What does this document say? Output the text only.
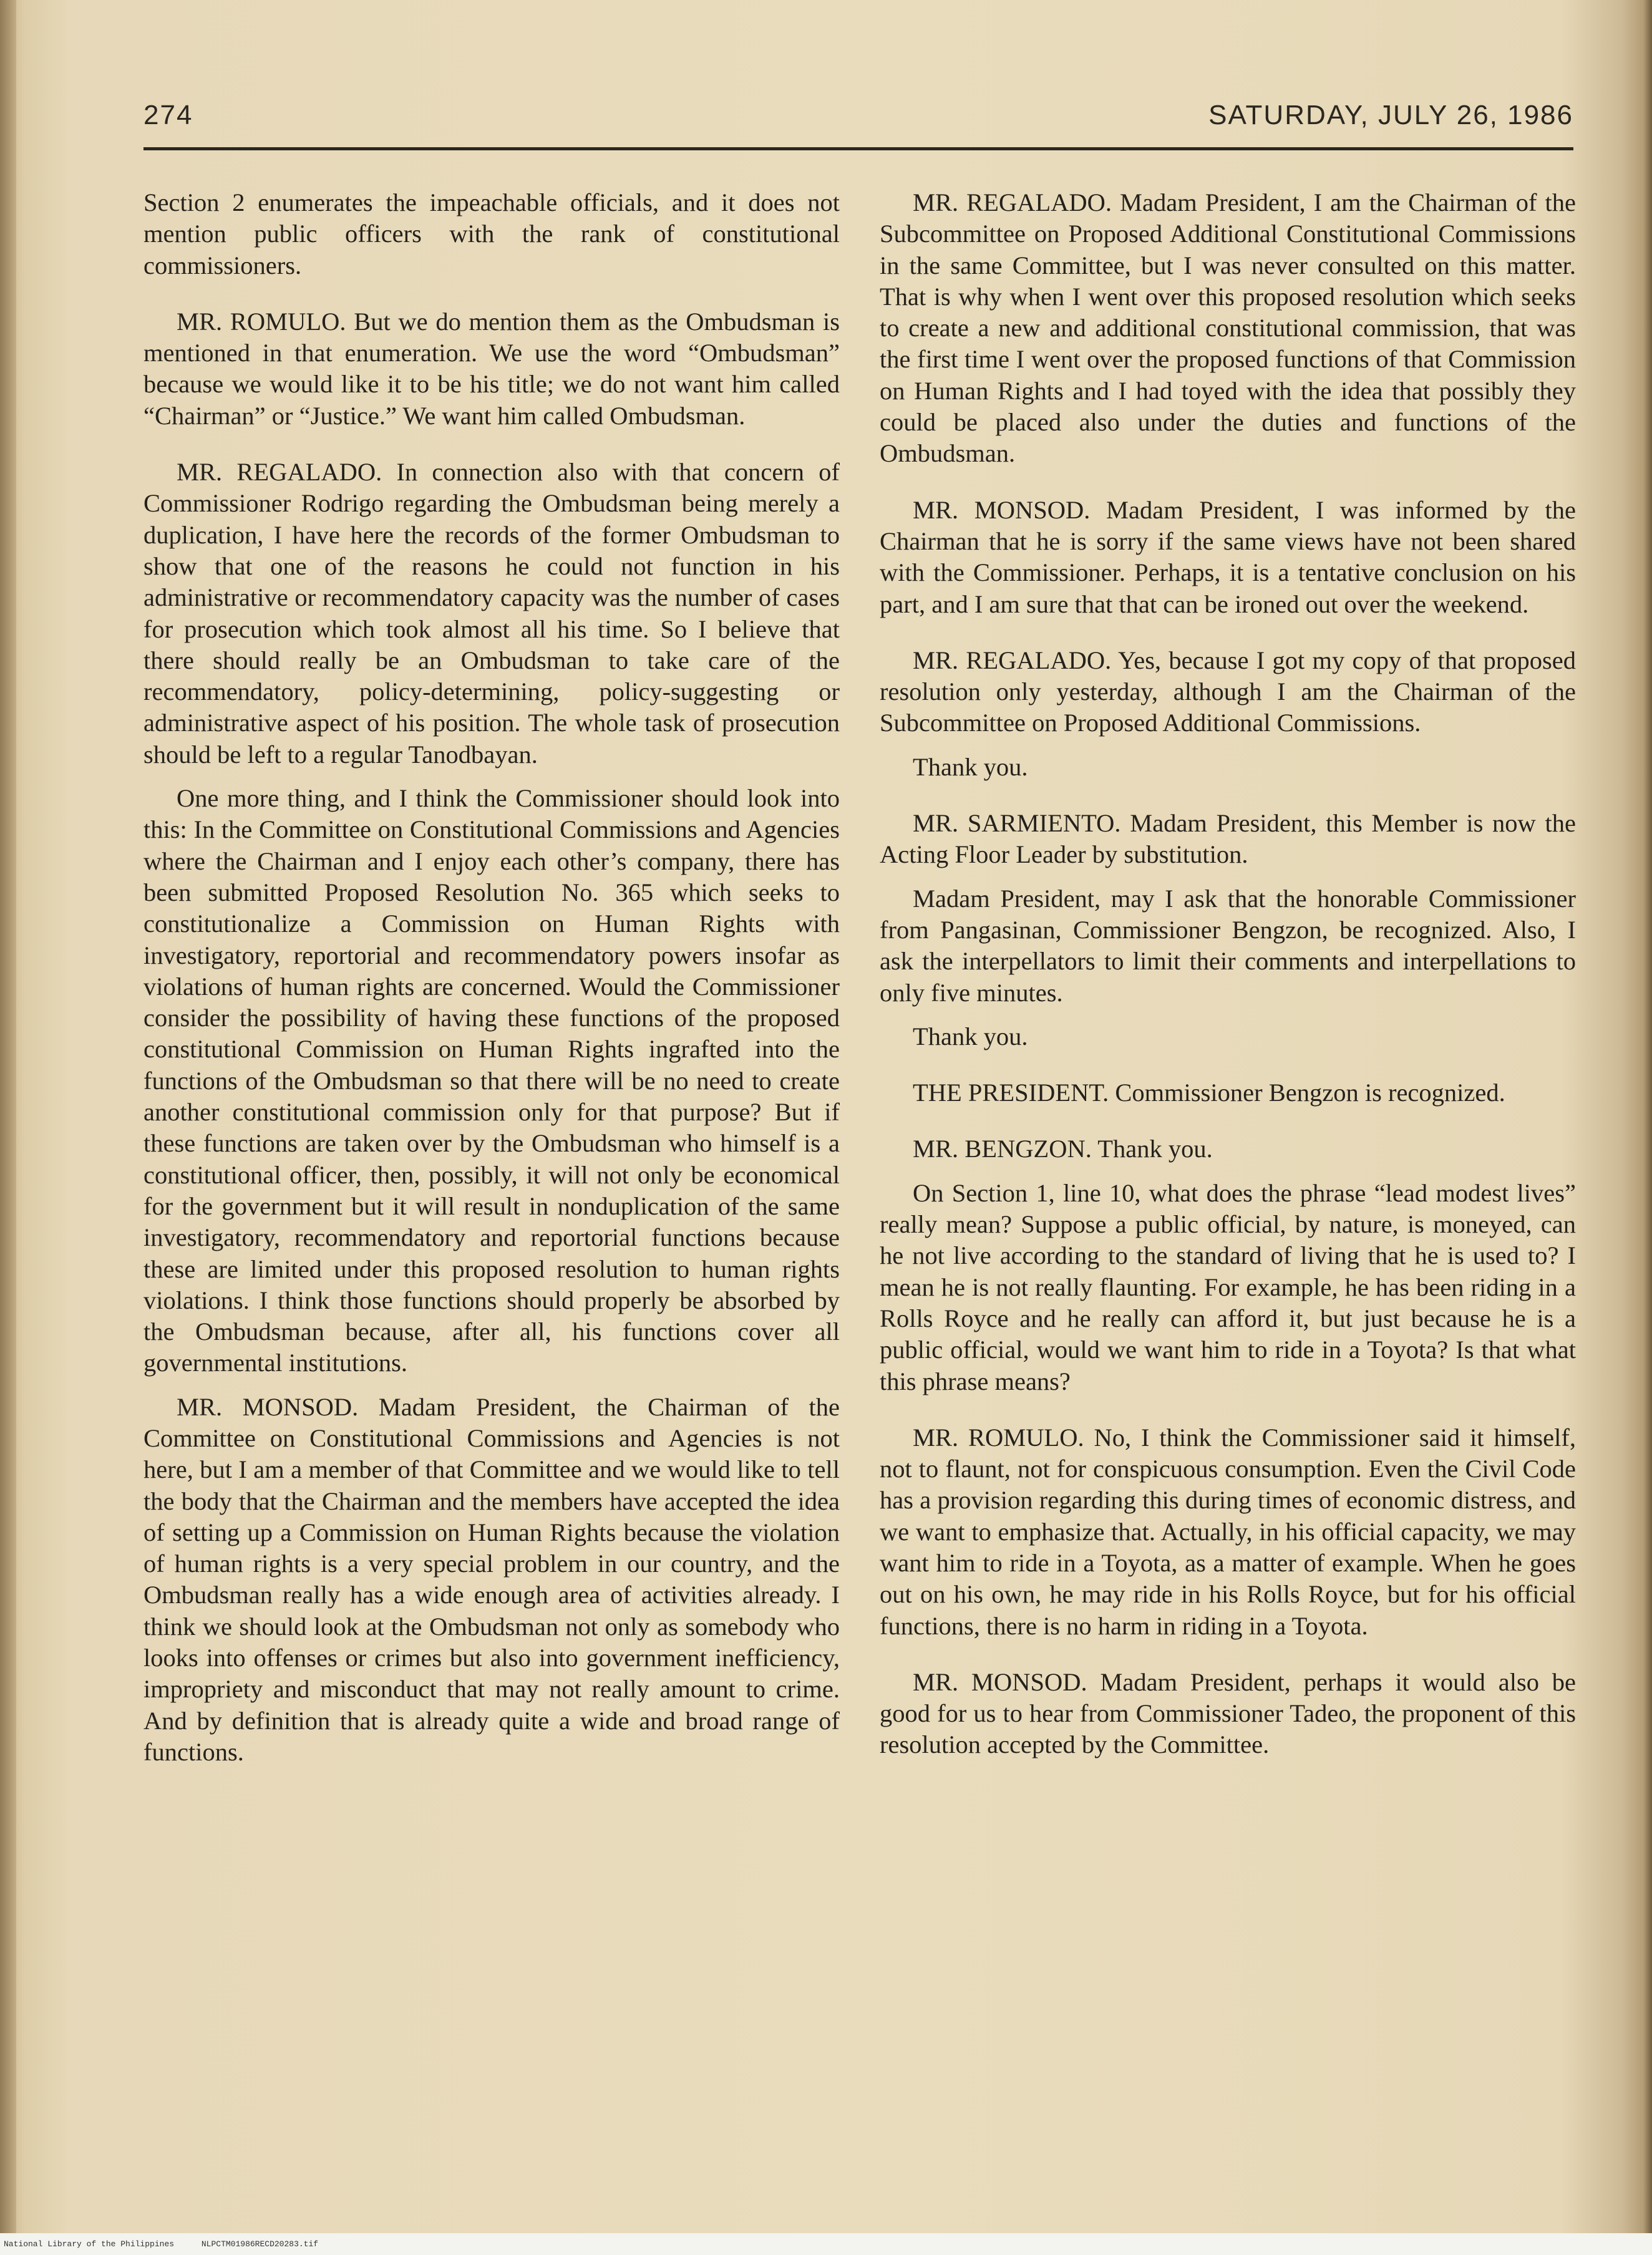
274	SATURDAY, JULY 26, 1986

Section 2 enumerates the impeachable officials, and it does not mention public officers with the rank of constitutional commissioners.

MR. ROMULO. But we do mention them as the Ombudsman is mentioned in that enumeration. We use the word “Ombudsman” because we would like it to be his title; we do not want him called “Chairman” or “Justice.” We want him called Ombudsman.

MR. REGALADO. In connection also with that concern of Commissioner Rodrigo regarding the Ombudsman being merely a duplication, I have here the records of the former Ombudsman to show that one of the reasons he could not function in his administrative or recommendatory capacity was the number of cases for prosecution which took almost all his time. So I believe that there should really be an Ombudsman to take care of the recommendatory, policy-determining, policy-suggesting or administrative aspect of his position. The whole task of prosecution should be left to a regular Tanodbayan.

One more thing, and I think the Commissioner should look into this: In the Committee on Constitutional Commissions and Agencies where the Chairman and I enjoy each other’s company, there has been submitted Proposed Resolution No. 365 which seeks to constitutionalize a Commission on Human Rights with investigatory, reportorial and recommendatory powers insofar as violations of human rights are concerned. Would the Commissioner consider the possibility of having these functions of the proposed constitutional Commission on Human Rights ingrafted into the functions of the Ombudsman so that there will be no need to create another constitutional commission only for that purpose? But if these functions are taken over by the Ombudsman who himself is a constitutional officer, then, possibly, it will not only be economical for the government but it will result in nonduplication of the same investigatory, recommendatory and reportorial functions because these are limited under this proposed resolution to human rights violations. I think those functions should properly be absorbed by the Ombudsman because, after all, his functions cover all governmental institutions.

MR. MONSOD. Madam President, the Chairman of the Committee on Constitutional Commissions and Agencies is not here, but I am a member of that Committee and we would like to tell the body that the Chairman and the members have accepted the idea of setting up a Commission on Human Rights because the violation of human rights is a very special problem in our country, and the Ombudsman really has a wide enough area of activities already. I think we should look at the Ombudsman not only as somebody who looks into offenses or crimes but also into government inefficiency, impropriety and misconduct that may not really amount to crime. And by definition that is already quite a wide and broad range of functions.

MR. REGALADO. Madam President, I am the Chairman of the Subcommittee on Proposed Additional Constitutional Commissions in the same Committee, but I was never consulted on this matter. That is why when I went over this proposed resolution which seeks to create a new and additional constitutional commission, that was the first time I went over the proposed functions of that Commission on Human Rights and I had toyed with the idea that possibly they could be placed also under the duties and functions of the Ombudsman.

MR. MONSOD. Madam President, I was informed by the Chairman that he is sorry if the same views have not been shared with the Commissioner. Perhaps, it is a tentative conclusion on his part, and I am sure that that can be ironed out over the weekend.

MR. REGALADO. Yes, because I got my copy of that proposed resolution only yesterday, although I am the Chairman of the Subcommittee on Proposed Additional Commissions.

Thank you.

MR. SARMIENTO. Madam President, this Member is now the Acting Floor Leader by substitution.

Madam President, may I ask that the honorable Commissioner from Pangasinan, Commissioner Bengzon, be recognized. Also, I ask the interpellators to limit their comments and interpellations to only five minutes.

Thank you.

THE PRESIDENT. Commissioner Bengzon is recognized.

MR. BENGZON. Thank you.

On Section 1, line 10, what does the phrase “lead modest lives” really mean? Suppose a public official, by nature, is moneyed, can he not live according to the standard of living that he is used to? I mean he is not really flaunting. For example, he has been riding in a Rolls Royce and he really can afford it, but just because he is a public official, would we want him to ride in a Toyota? Is that what this phrase means?

MR. ROMULO. No, I think the Commissioner said it himself, not to flaunt, not for conspicuous consumption. Even the Civil Code has a provision regarding this during times of economic distress, and we want to emphasize that. Actually, in his official capacity, we may want him to ride in a Toyota, as a matter of example. When he goes out on his own, he may ride in his Rolls Royce, but for his official functions, there is no harm in riding in a Toyota.

MR. MONSOD. Madam President, perhaps it would also be good for us to hear from Commissioner Tadeo, the proponent of this resolution accepted by the Committee.

National Library of the Philippines	NLPCTM01986RECD20283.tif
